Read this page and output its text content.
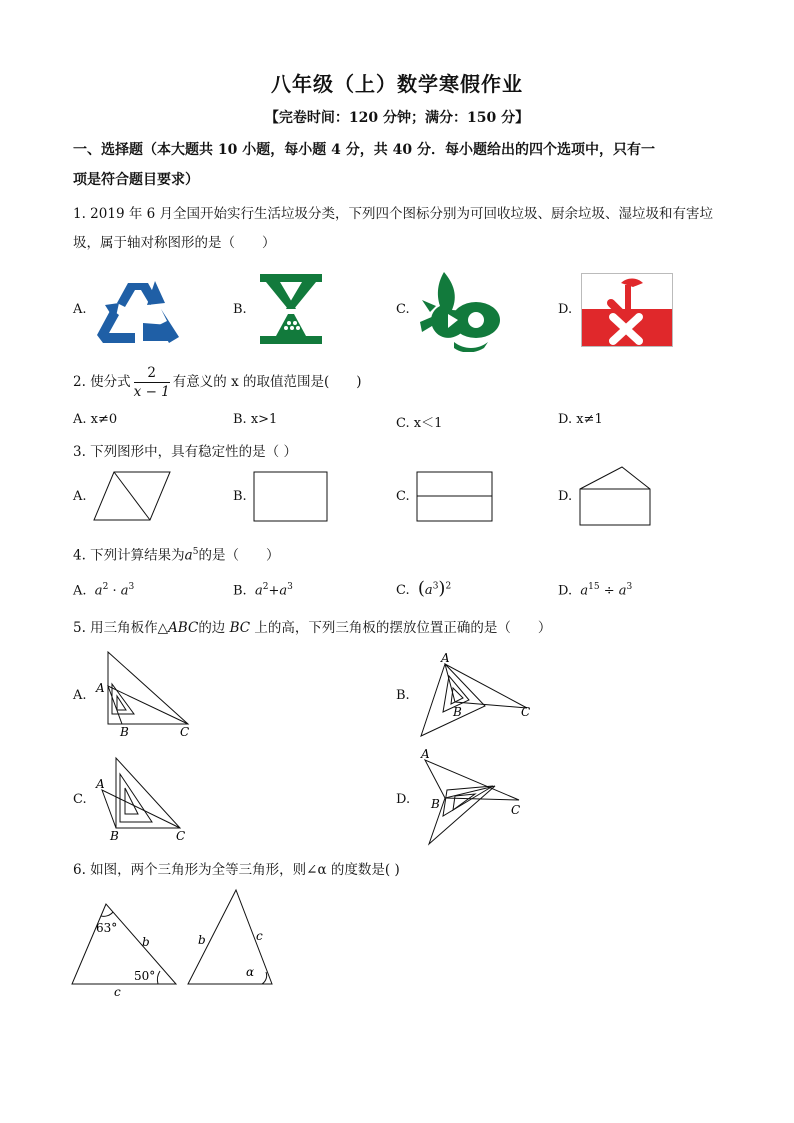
八年级（上）数学寒假作业
【完卷时间：120 分钟；满分：150 分】
一、选择题（本大题共 10 小题，每小题 4 分，共 40 分．每小题给出的四个选项中，只有一
项是符合题目要求）
1. 2019 年 6 月全国开始实行生活垃圾分类，下列四个图标分别为可回收垃圾、厨余垃圾、湿垃圾和有害垃
圾，属于轴对称图形的是（　　）
A.	B.	C.	D.
2. 使分式 $\frac{2}{x - 1}$ 有意义的 x 的取值范围是(　　)
A. x≠0	B. x>1	C. x＜1	D. x≠1
3. 下列图形中，具有稳定性的是（ ）
A.	B.	C.	D.
4. 下列计算结果为$a^5$的是（　　）
A. $a^2 \cdot a^3$	B. $a^2+a^3$	C. $(a^3)^2$	D. $a^{15} \div a^3$
5. 用三角板作△ABC的边 BC 上的高，下列三角板的摆放位置正确的是（　　）
A. A
B	C
B.
A
B	C
C.
A
B	C
D.
A
B	C
6. 如图，两个三角形为全等三角形，则∠α 的度数是( )
63°
50°
b
c
b	c
α
